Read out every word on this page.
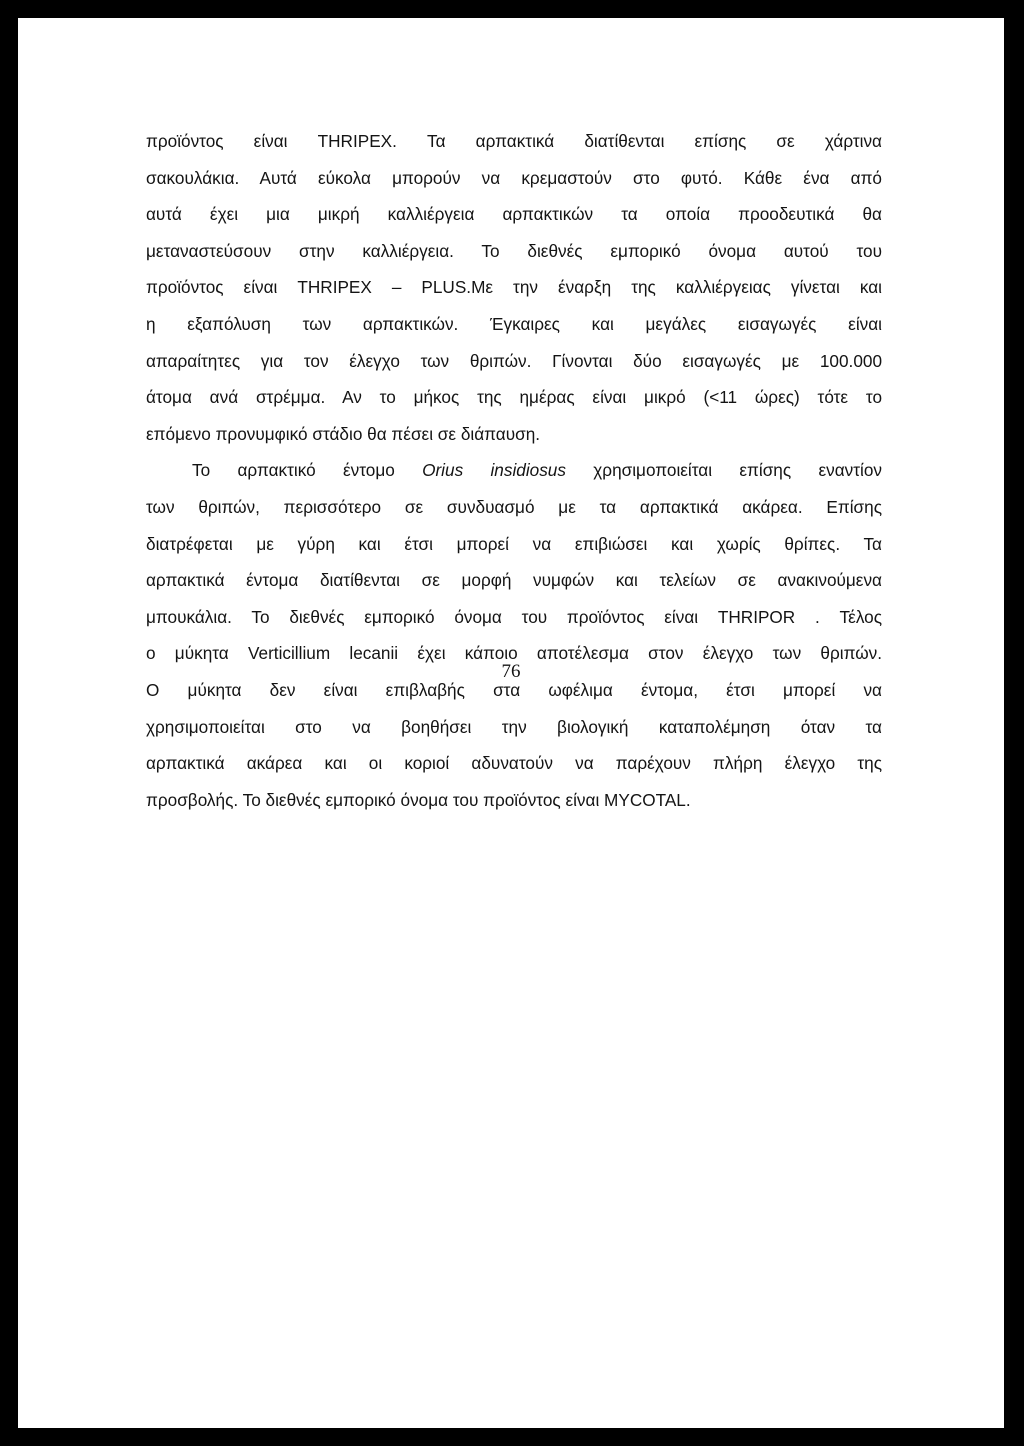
προϊόντος είναι THRIPEX. Τα αρπακτικά διατίθενται επίσης σε χάρτινα
σακουλάκια. Αυτά εύκολα μπορούν να κρεμαστούν στο φυτό. Κάθε ένα από
αυτά έχει μια μικρή καλλιέργεια αρπακτικών τα οποία προοδευτικά θα
μεταναστεύσουν στην καλλιέργεια. Το διεθνές εμπορικό όνομα αυτού του
προϊόντος είναι THRIPEX – PLUS.Με την έναρξη της καλλιέργειας γίνεται και
η εξαπόλυση των αρπακτικών. Έγκαιρες και μεγάλες εισαγωγές είναι
απαραίτητες για τον έλεγχο των θριπών. Γίνονται δύο εισαγωγές με 100.000
άτομα ανά στρέμμα. Αν το μήκος της ημέρας είναι μικρό (<11 ώρες) τότε το
επόμενο προνυμφικό στάδιο θα πέσει σε διάπαυση.
Το αρπακτικό έντομο Orius insidiosus χρησιμοποιείται επίσης εναντίον
των θριπών, περισσότερο σε συνδυασμό με τα αρπακτικά ακάρεα. Επίσης
διατρέφεται με γύρη και έτσι μπορεί να επιβιώσει και χωρίς θρίπες. Τα
αρπακτικά έντομα διατίθενται σε μορφή νυμφών και τελείων σε ανακινούμενα
μπουκάλια. Το διεθνές εμπορικό όνομα του προϊόντος είναι THRIPOR . Τέλος
ο μύκητα Verticillium lecanii έχει κάποιο αποτέλεσμα στον έλεγχο των θριπών.
Ο μύκητα δεν είναι επιβλαβής στα ωφέλιμα έντομα, έτσι μπορεί να
χρησιμοποιείται στο να βοηθήσει την βιολογική καταπολέμηση όταν τα
αρπακτικά ακάρεα και οι κοριοί αδυνατούν να παρέχουν πλήρη έλεγχο της
προσβολής. Το διεθνές εμπορικό όνομα του προϊόντος είναι MYCOTAL.
76
